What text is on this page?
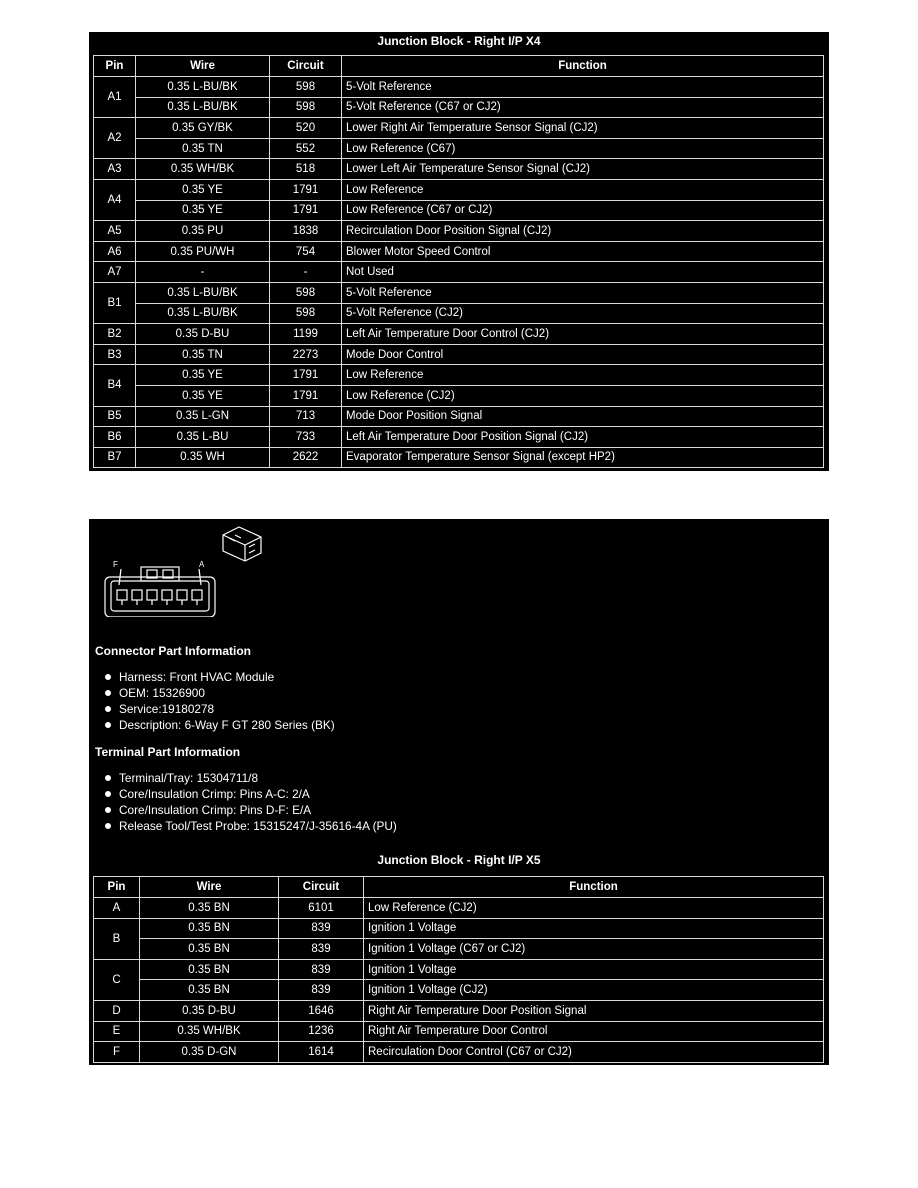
Junction Block - Right I/P X4
Pin	Wire	Circuit	Function
A1	0.35 L-BU/BK	598	5-Volt Reference
	0.35 L-BU/BK	598	5-Volt Reference (C67 or CJ2)
A2	0.35 GY/BK	520	Lower Right Air Temperature Sensor Signal (CJ2)
	0.35 TN	552	Low Reference (C67)
A3	0.35 WH/BK	518	Lower Left Air Temperature Sensor Signal (CJ2)
A4	0.35 YE	1791	Low Reference
	0.35 YE	1791	Low Reference (C67 or CJ2)
A5	0.35 PU	1838	Recirculation Door Position Signal (CJ2)
A6	0.35 PU/WH	754	Blower Motor Speed Control
A7	-	-	Not Used
B1	0.35 L-BU/BK	598	5-Volt Reference
	0.35 L-BU/BK	598	5-Volt Reference (CJ2)
B2	0.35 D-BU	1199	Left Air Temperature Door Control (CJ2)
B3	0.35 TN	2273	Mode Door Control
B4	0.35 YE	1791	Low Reference
	0.35 YE	1791	Low Reference (CJ2)
B5	0.35 L-GN	713	Mode Door Position Signal
B6	0.35 L-BU	733	Left Air Temperature Door Position Signal (CJ2)
B7	0.35 WH	2622	Evaporator Temperature Sensor Signal (except HP2)
F	A
Connector Part Information
Harness: Front HVAC Module
OEM: 15326900
Service:19180278
Description: 6-Way F GT 280 Series (BK)
Terminal Part Information
Terminal/Tray: 15304711/8
Core/Insulation Crimp: Pins A-C: 2/A
Core/Insulation Crimp: Pins D-F: E/A
Release Tool/Test Probe: 15315247/J-35616-4A (PU)
Junction Block - Right I/P X5
Pin	Wire	Circuit	Function
A	0.35 BN	6101	Low Reference (CJ2)
B	0.35 BN	839	Ignition 1 Voltage
	0.35 BN	839	Ignition 1 Voltage (C67 or CJ2)
C	0.35 BN	839	Ignition 1 Voltage
	0.35 BN	839	Ignition 1 Voltage (CJ2)
D	0.35 D-BU	1646	Right Air Temperature Door Position Signal
E	0.35 WH/BK	1236	Right Air Temperature Door Control
F	0.35 D-GN	1614	Recirculation Door Control (C67 or CJ2)
